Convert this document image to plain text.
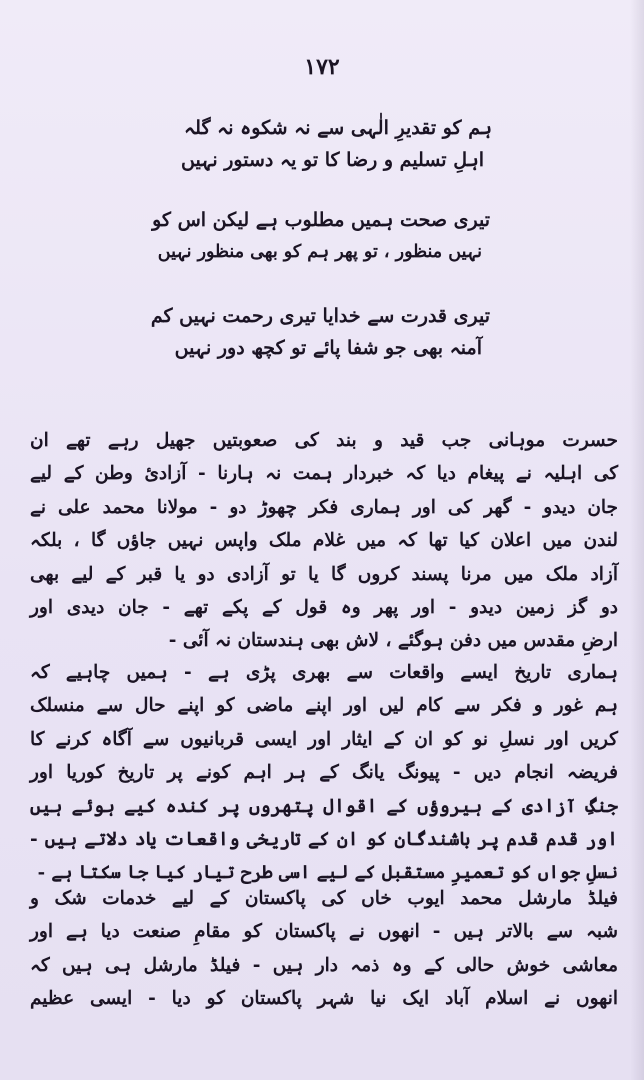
۱۷۲
ہم کو تقدیرِ الٰہی سے نہ شکوہ نہ گلہ
اہلِ تسلیم و رضا کا تو یہ دستور نہیں
تیری صحت ہمیں مطلوب ہے لیکن اس کو
نہیں منظور ، تو پھر ہم کو بھی منظور نہیں
تیری قدرت سے خدایا تیری رحمت نہیں کم
آمنہ بھی جو شفا پائے تو کچھ دور نہیں
حسرت موہانی جب قید و بند کی صعوبتیں جھیل رہے تھے ان
کی اہلیہ نے پیغام دیا کہ خبردار ہمت نہ ہارنا - آزادیٔ وطن کے لیے
جان دیدو - گھر کی اور ہماری فکر چھوڑ دو - مولانا محمد علی نے
لندن میں اعلان کیا تھا کہ میں غلام ملک واپس نہیں جاؤں گا ، بلکہ
آزاد ملک میں مرنا پسند کروں گا یا تو آزادی دو یا قبر کے لیے بھی
دو گز زمین دیدو - اور پھر وہ قول کے پکے تھے - جان دیدی اور
ارضِ مقدس میں دفن ہوگئے ، لاش بھی ہندستان نہ آئی -
ہماری تاریخ ایسے واقعات سے بھری پڑی ہے - ہمیں چاہیے کہ
ہم غور و فکر سے کام لیں اور اپنے ماضی کو اپنے حال سے منسلک
کریں اور نسلِ نو کو ان کے ایثار اور ایسی قربانیوں سے آگاہ کرنے کا
فریضہ انجام دیں - پیونگ یانگ کے ہر اہم کونے پر تاریخ کوریا اور
جنگِ آزادی کے ہیروؤں کے اقوال پتھروں پر کندہ کیے ہوئے ہیں
اور قدم قدم پر باشندگان کو ان کے تاریخی واقعات یاد دلاتے ہیں -
نسلِ جواں کو تعمیرِ مستقبل کے لیے اسی طرح تیار کیا جا سکتا ہے -
فیلڈ مارشل محمد ایوب خاں کی پاکستان کے لیے خدمات شک و
شبہ سے بالاتر ہیں - انھوں نے پاکستان کو مقامِ صنعت دیا ہے اور
معاشی خوش حالی کے وہ ذمہ دار ہیں - فیلڈ مارشل ہی ہیں کہ
انھوں نے اسلام آباد ایک نیا شہر پاکستان کو دیا - ایسی عظیم
